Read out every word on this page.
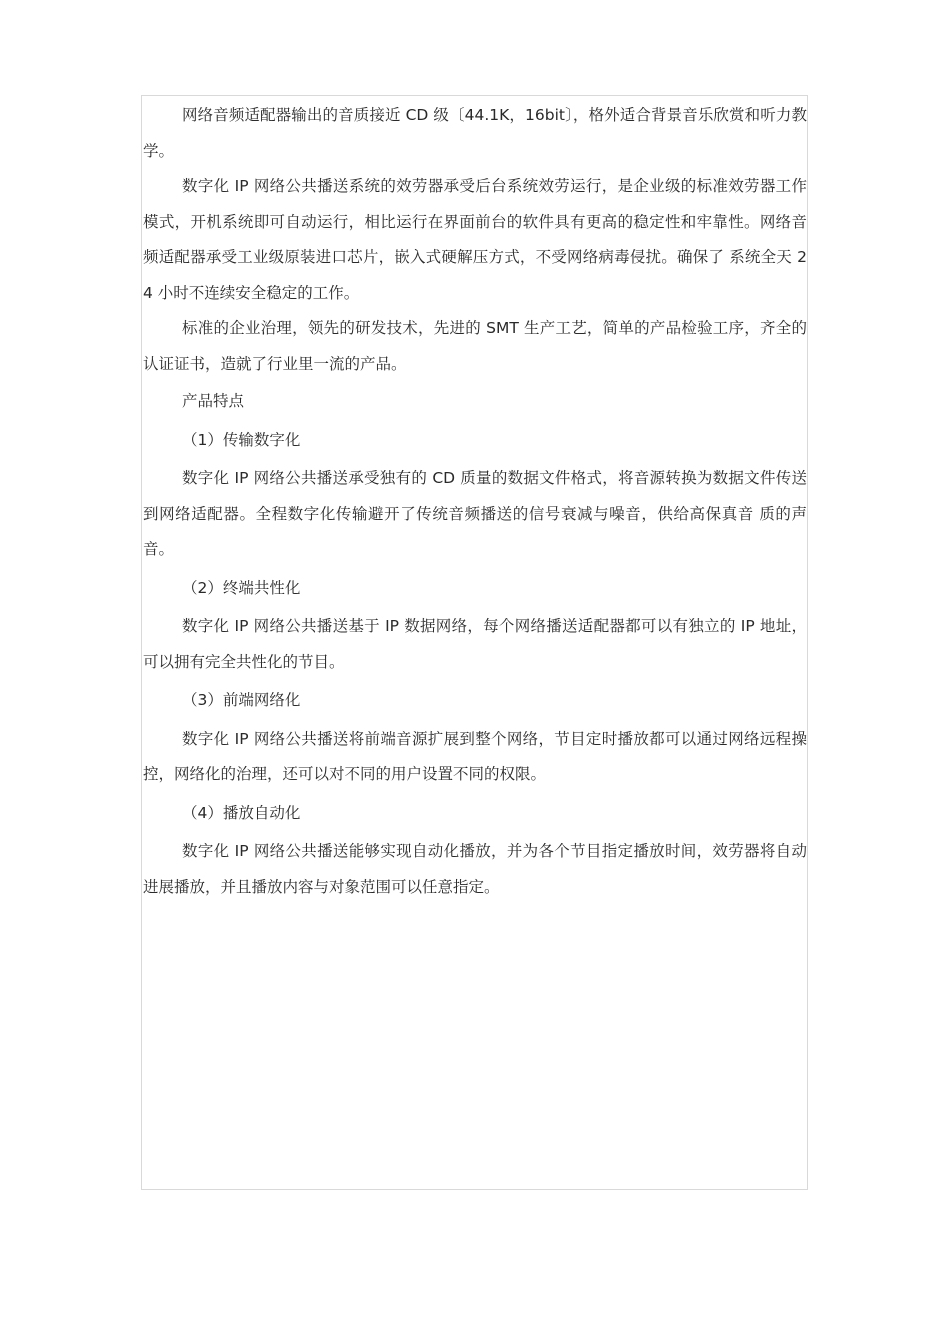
网络音频适配器输出的音质接近 CD 级〔44.1K，16bit〕，格外适合背景音乐欣赏和听力教学。

数字化 IP 网络公共播送系统的效劳器承受后台系统效劳运行，是企业级的标准效劳器工作模式，开机系统即可自动运行，相比运行在界面前台的软件具有更高的稳定性和牢靠性。网络音频适配器承受工业级原装进口芯片，嵌入式硬解压方式，不受网络病毒侵扰。确保了 系统全天 24 小时不连续安全稳定的工作。

标准的企业治理，领先的研发技术，先进的 SMT 生产工艺，简单的产品检验工序，齐全的认证证书，造就了行业里一流的产品。

产品特点

（1）传输数字化

数字化 IP 网络公共播送承受独有的 CD 质量的数据文件格式，将音源转换为数据文件传送到网络适配器。全程数字化传输避开了传统音频播送的信号衰减与噪音，供给高保真音 质的声音。

（2）终端共性化

数字化 IP 网络公共播送基于 IP 数据网络，每个网络播送适配器都可以有独立的 IP 地址，可以拥有完全共性化的节目。

（3）前端网络化

数字化 IP 网络公共播送将前端音源扩展到整个网络，节目定时播放都可以通过网络远程操控，网络化的治理，还可以对不同的用户设置不同的权限。

（4）播放自动化

数字化 IP 网络公共播送能够实现自动化播放，并为各个节目指定播放时间，效劳器将自动进展播放，并且播放内容与对象范围可以任意指定。
